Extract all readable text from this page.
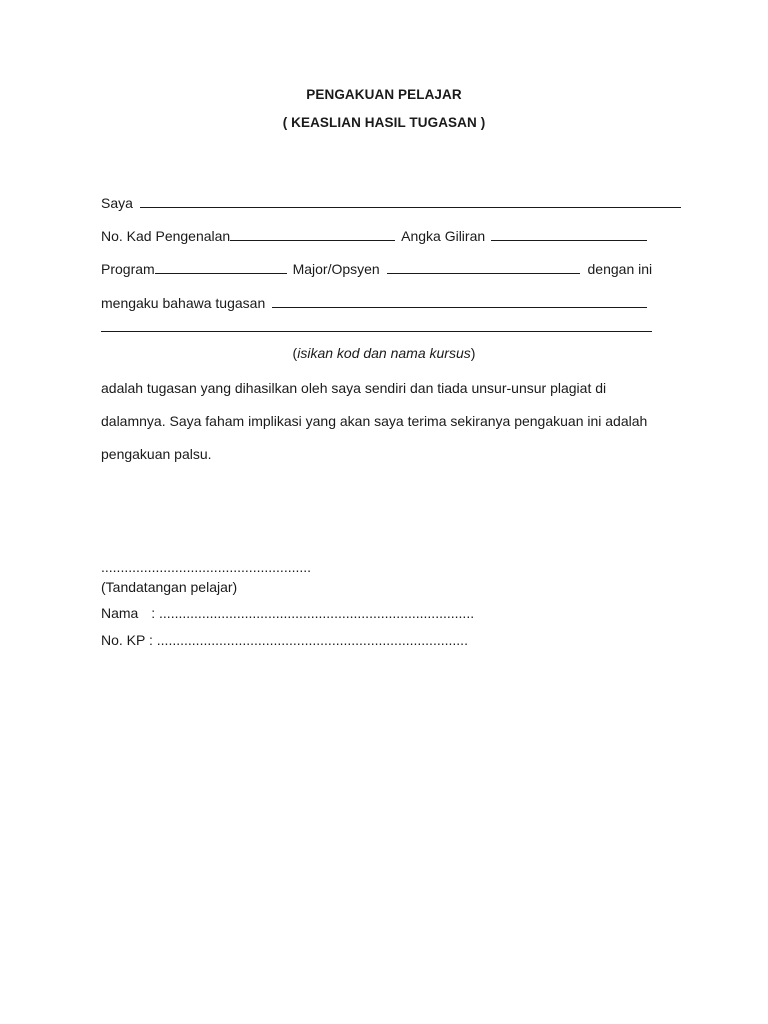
PENGAKUAN PELAJAR
( KEASLIAN HASIL TUGASAN )
Saya
No. Kad Pengenalan	Angka Giliran
Program	Major/Opsyen	dengan ini
mengaku bahawa tugasan
(isikan kod dan nama kursus)
adalah tugasan yang dihasilkan oleh saya sendiri dan tiada unsur-unsur plagiat di
dalamnya. Saya faham implikasi yang akan saya terima sekiranya pengakuan ini adalah
pengakuan palsu.
......................................................
(Tandatangan pelajar)
Nama : .................................................................................
No. KP : ................................................................................
